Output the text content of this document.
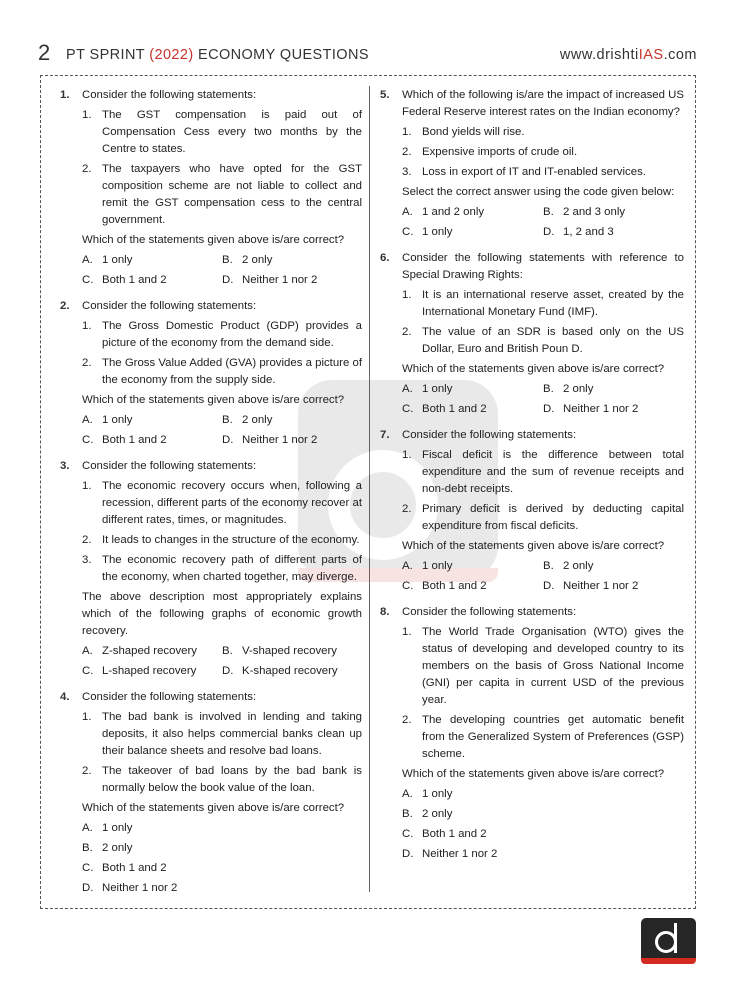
2 PT SPRINT (2022) ECONOMY QUESTIONS	www.drishtiIAS.com
1.	Consider the following statements:
1. The GST compensation is paid out of Compensation Cess every two months by the Centre to states.
2. The taxpayers who have opted for the GST composition scheme are not liable to collect and remit the GST compensation cess to the central government.
Which of the statements given above is/are correct?
A. 1 only	B. 2 only
C. Both 1 and 2	D. Neither 1 nor 2
2.	Consider the following statements:
1. The Gross Domestic Product (GDP) provides a picture of the economy from the demand side.
2. The Gross Value Added (GVA) provides a picture of the economy from the supply side.
Which of the statements given above is/are correct?
A. 1 only	B. 2 only
C. Both 1 and 2	D. Neither 1 nor 2
3.	Consider the following statements:
1. The economic recovery occurs when, following a recession, different parts of the economy recover at different rates, times, or magnitudes.
2. It leads to changes in the structure of the economy.
3. The economic recovery path of different parts of the economy, when charted together, may diverge.
The above description most appropriately explains which of the following graphs of economic growth recovery.
A. Z-shaped recovery B. V-shaped recovery
C. L-shaped recovery D. K-shaped recovery
4.	Consider the following statements:
1. The bad bank is involved in lending and taking deposits, it also helps commercial banks clean up their balance sheets and resolve bad loans.
2. The takeover of bad loans by the bad bank is normally below the book value of the loan.
Which of the statements given above is/are correct?
A. 1 only
B. 2 only
C. Both 1 and 2
D. Neither 1 nor 2
5.	Which of the following is/are the impact of increased US Federal Reserve interest rates on the Indian economy?
1. Bond yields will rise.
2. Expensive imports of crude oil.
3. Loss in export of IT and IT-enabled services.
Select the correct answer using the code given below:
A. 1 and 2 only	B. 2 and 3 only
C. 1 only	D. 1, 2 and 3
6.	Consider the following statements with reference to Special Drawing Rights:
1. It is an international reserve asset, created by the International Monetary Fund (IMF).
2. The value of an SDR is based only on the US Dollar, Euro and British Poun D.
Which of the statements given above is/are correct?
A. 1 only	B. 2 only
C. Both 1 and 2	D. Neither 1 nor 2
7.	Consider the following statements:
1. Fiscal deficit is the difference between total expenditure and the sum of revenue receipts and non-debt receipts.
2. Primary deficit is derived by deducting capital expenditure from fiscal deficits.
Which of the statements given above is/are correct?
A. 1 only	B. 2 only
C. Both 1 and 2	D. Neither 1 nor 2
8.	Consider the following statements:
1. The World Trade Organisation (WTO) gives the status of developing and developed country to its members on the basis of Gross National Income (GNI) per capita in current USD of the previous year.
2. The developing countries get automatic benefit from the Generalized System of Preferences (GSP) scheme.
Which of the statements given above is/are correct?
A. 1 only
B. 2 only
C. Both 1 and 2
D. Neither 1 nor 2
